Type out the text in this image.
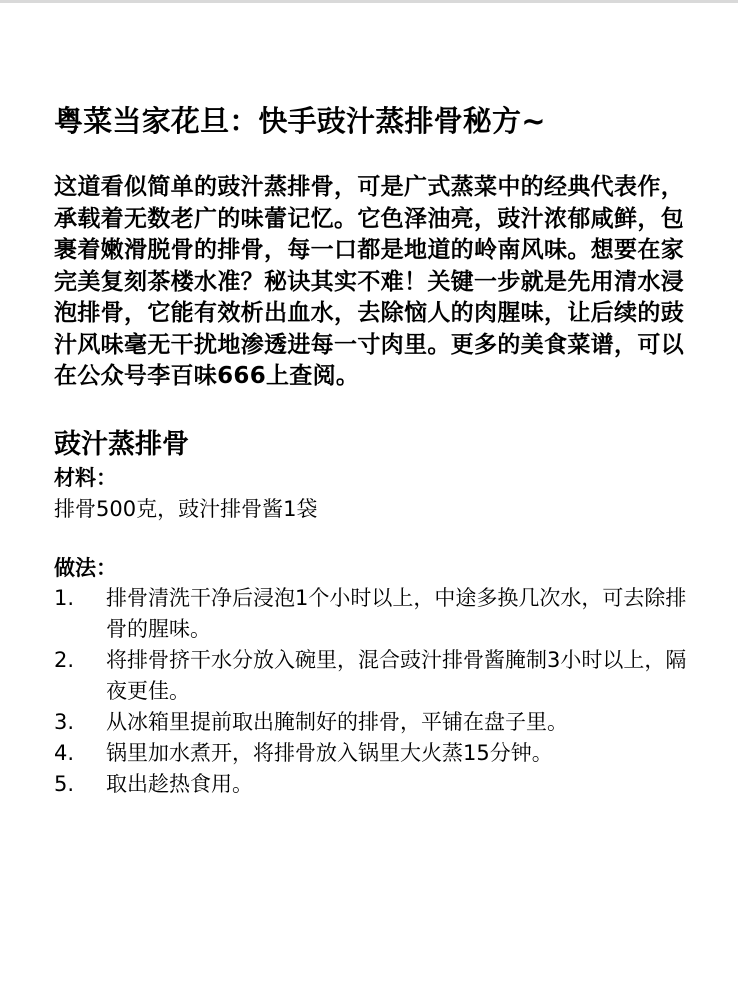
粤菜当家花旦：快手豉汁蒸排骨秘方~

这道看似简单的豉汁蒸排骨，可是广式蒸菜中的经典代表作，承载着无数老广的味蕾记忆。它色泽油亮，豉汁浓郁咸鲜，包裹着嫩滑脱骨的排骨，每一口都是地道的岭南风味。想要在家完美复刻茶楼水准？秘诀其实不难！关键一步就是先用清水浸泡排骨，它能有效析出血水，去除恼人的肉腥味，让后续的豉汁风味毫无干扰地渗透进每一寸肉里。更多的美食菜谱，可以在公众号李百味666上查阅。

豉汁蒸排骨

材料：

排骨500克，豉汁排骨酱1袋

做法：

1.	排骨清洗干净后浸泡1个小时以上，中途多换几次水，可去除排骨的腥味。
2.	将排骨挤干水分放入碗里，混合豉汁排骨酱腌制3小时以上，隔夜更佳。
3.	从冰箱里提前取出腌制好的排骨，平铺在盘子里。
4.	锅里加水煮开，将排骨放入锅里大火蒸15分钟。
5.	取出趁热食用。
